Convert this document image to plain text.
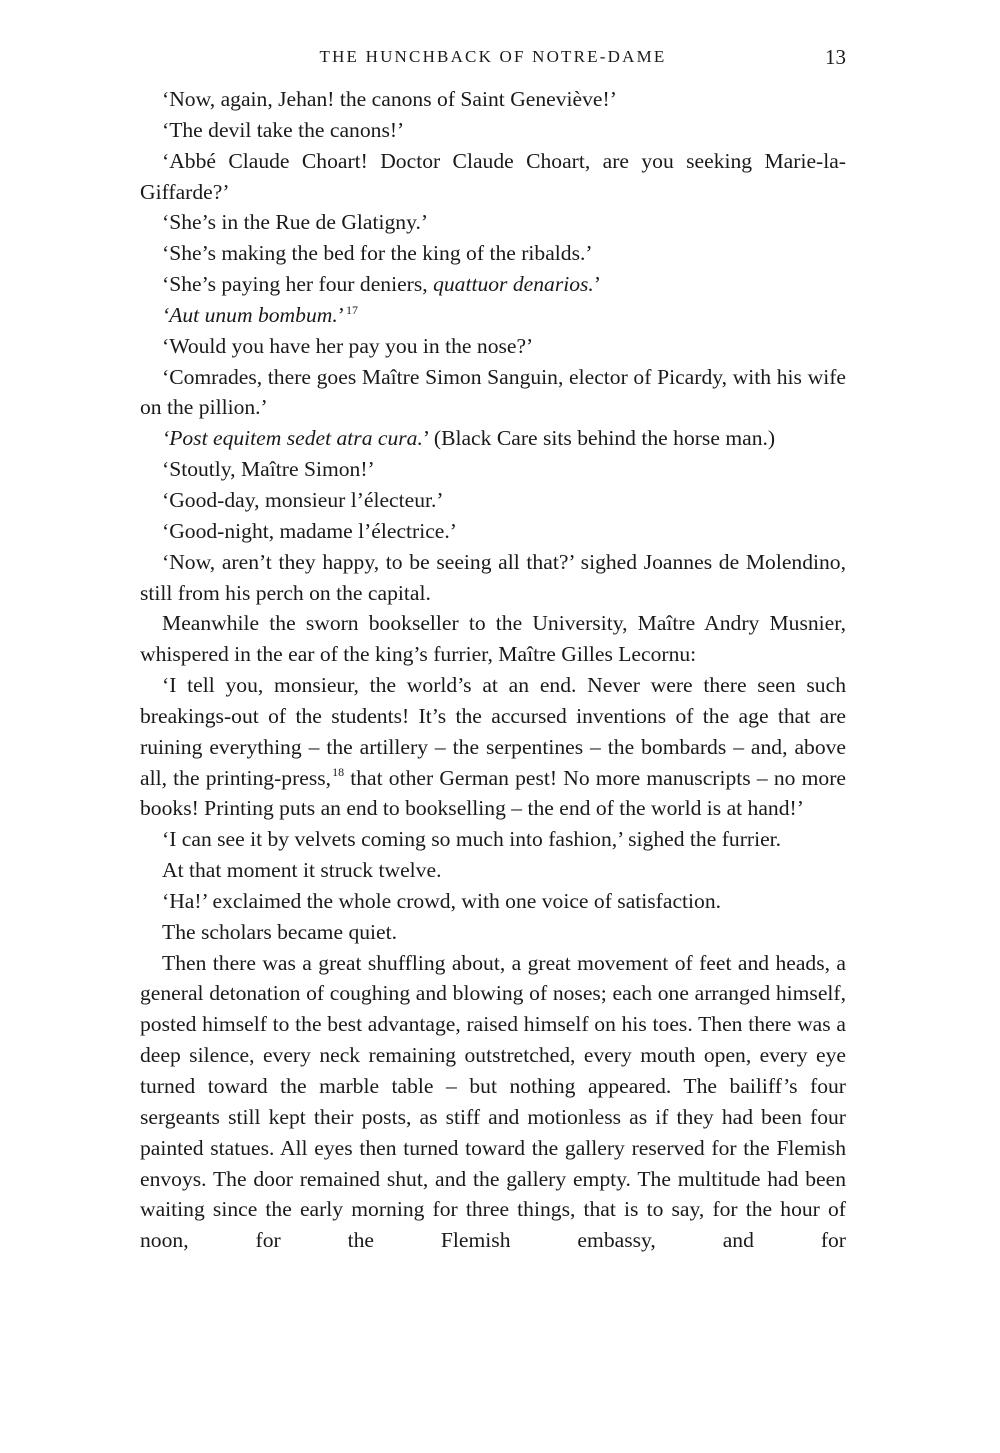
THE HUNCHBACK OF NOTRE-DAME	13

‘Now, again, Jehan! the canons of Saint Geneviève!’

‘The devil take the canons!’

‘Abbé Claude Choart! Doctor Claude Choart, are you seeking Marie-la-Giffarde?’

‘She’s in the Rue de Glatigny.’

‘She’s making the bed for the king of the ribalds.’

‘She’s paying her four deniers, quattuor denarios.’

‘Aut unum bombum.’$^{17}$

‘Would you have her pay you in the nose?’

‘Comrades, there goes Maître Simon Sanguin, elector of Picardy, with his wife on the pillion.’

‘Post equitem sedet atra cura.’ (Black Care sits behind the horse man.)

‘Stoutly, Maître Simon!’

‘Good-day, monsieur l’électeur.’

‘Good-night, madame l’électrice.’

‘Now, aren’t they happy, to be seeing all that?’ sighed Joannes de Molendino, still from his perch on the capital.

Meanwhile the sworn bookseller to the University, Maître Andry Musnier, whispered in the ear of the king’s furrier, Maître Gilles Lecornu:

‘I tell you, monsieur, the world’s at an end. Never were there seen such breakings-out of the students! It’s the accursed inventions of the age that are ruining everything – the artillery – the serpentines – the bombards – and, above all, the printing-press,$^{18}$ that other German pest! No more manuscripts – no more books! Printing puts an end to bookselling – the end of the world is at hand!’

‘I can see it by velvets coming so much into fashion,’ sighed the furrier.

At that moment it struck twelve.

‘Ha!’ exclaimed the whole crowd, with one voice of satisfaction.

The scholars became quiet.

Then there was a great shuffling about, a great movement of feet and heads, a general detonation of coughing and blowing of noses; each one arranged himself, posted himself to the best advantage, raised himself on his toes. Then there was a deep silence, every neck remaining outstretched, every mouth open, every eye turned toward the marble table – but nothing appeared. The bailiff’s four sergeants still kept their posts, as stiff and motionless as if they had been four painted statues. All eyes then turned toward the gallery reserved for the Flemish envoys. The door remained shut, and the gallery empty. The multitude had been waiting since the early morning for three things, that is to say, for the hour of noon, for the Flemish embassy, and for
